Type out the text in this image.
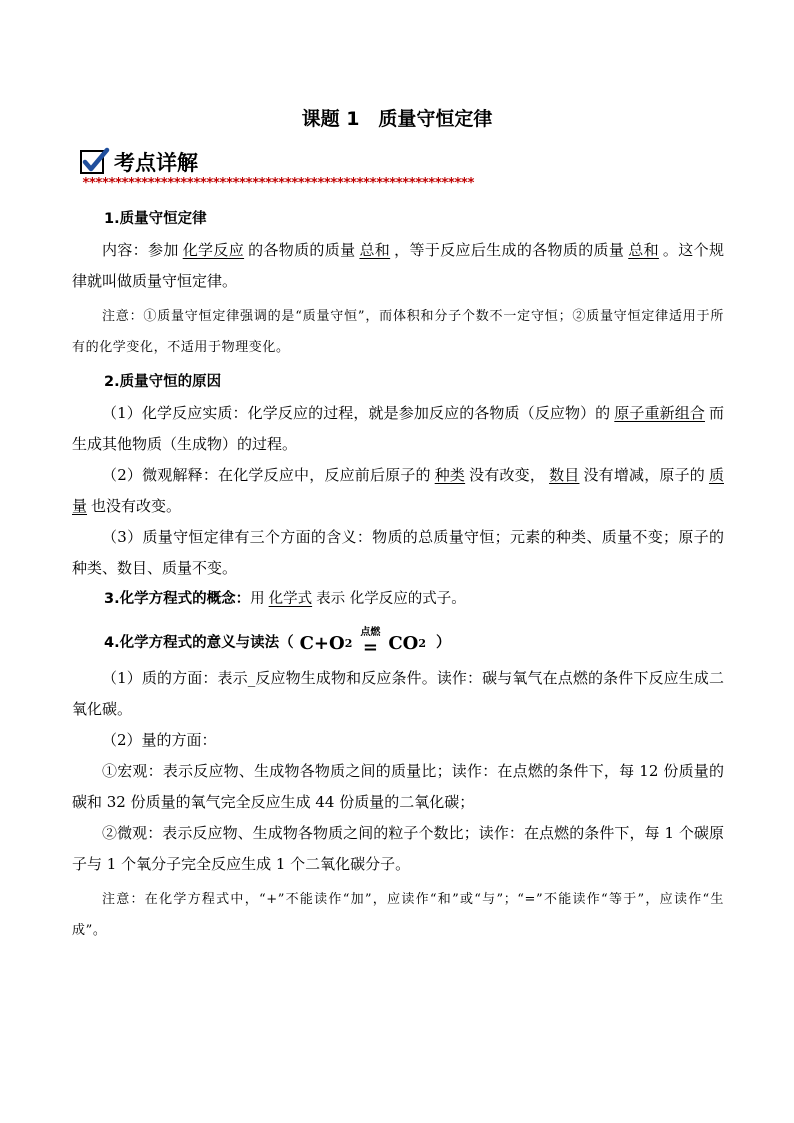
课题 1　质量守恒定律
考点详解
************************************************************
1.质量守恒定律
内容：参加 化学反应 的各物质的质量 总和 ，等于反应后生成的各物质的质量 总和 。这个规律就叫做质量守恒定律。
注意：①质量守恒定律强调的是“质量守恒”，而体积和分子个数不一定守恒；②质量守恒定律适用于所有的化学变化，不适用于物理变化。
2.质量守恒的原因
（1）化学反应实质：化学反应的过程，就是参加反应的各物质（反应物）的 原子重新组合 而生成其他物质（生成物）的过程。
（2）微观解释：在化学反应中，反应前后原子的 种类 没有改变， 数目 没有增减，原子的 质量 也没有改变。
（3）质量守恒定律有三个方面的含义：物质的总质量守恒；元素的种类、质量不变；原子的种类、数目、质量不变。
3.化学方程式的概念：用 化学式 表示 化学反应的式子。
4.化学方程式的意义与读法 （ C+O 2
点燃
= CO 2 ）
（1）质的方面：表示_反应物生成物和反应条件。读作：碳与氧气在点燃的条件下反应生成二氧化碳。
（2）量的方面：
①宏观：表示反应物、生成物各物质之间的质量比；读作：在点燃的条件下，每 12 份质量的碳和 32 份质量的氧气完全反应生成 44 份质量的二氧化碳；
②微观：表示反应物、生成物各物质之间的粒子个数比；读作：在点燃的条件下，每 1 个碳原子与 1 个氧分子完全反应生成 1 个二氧化碳分子。
注意：在化学方程式中，“+”不能读作“加”，应读作“和”或“与”；“=”不能读作“等于”，应读作“生成”。
